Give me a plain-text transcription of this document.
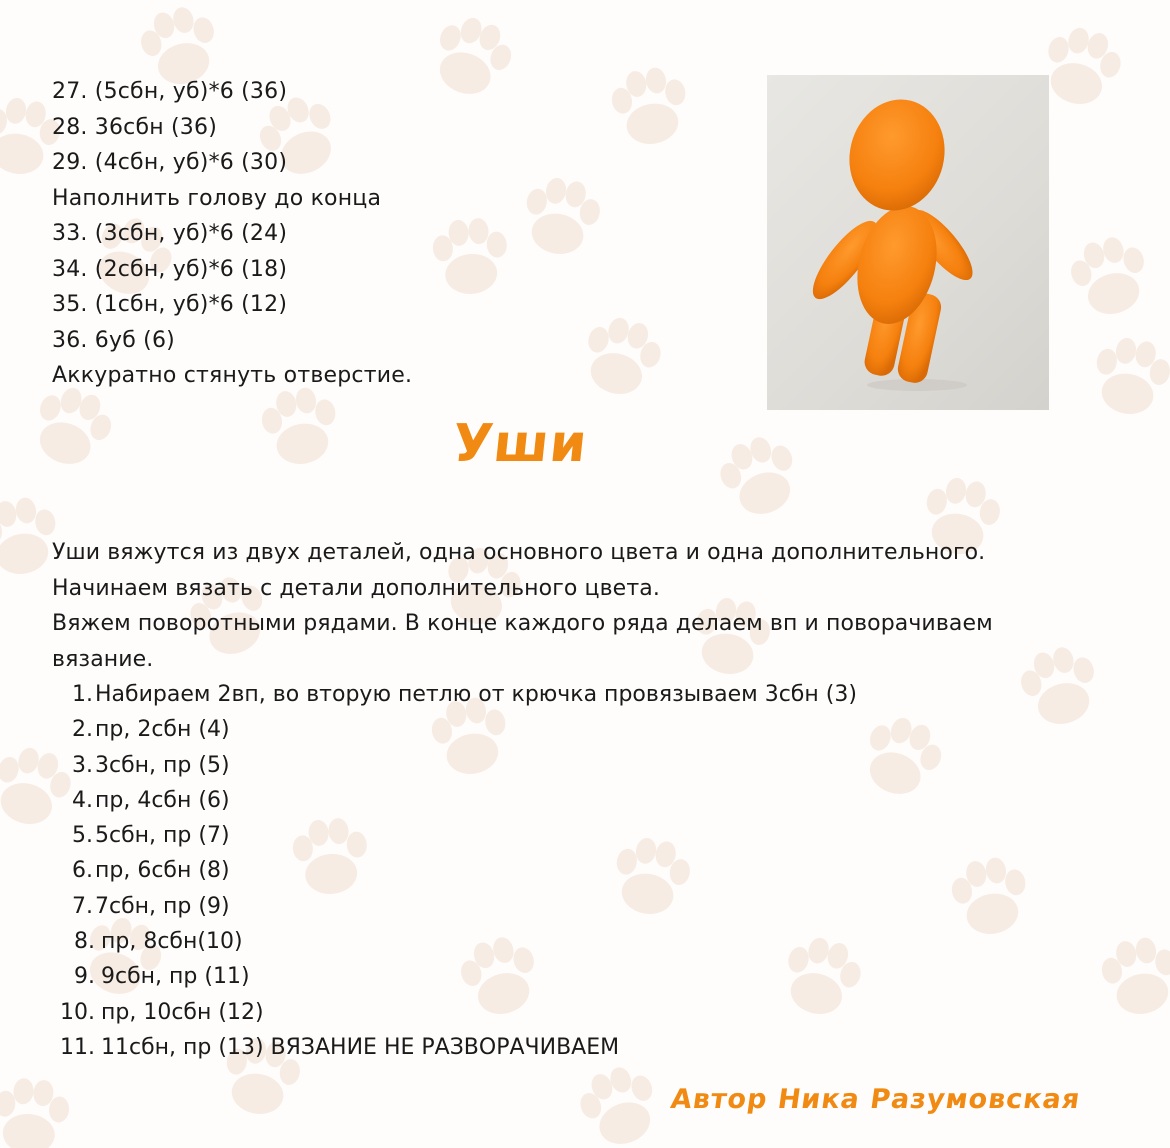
27. (5сбн, уб)*6 (36)
28. 36сбн (36)
29. (4сбн, уб)*6 (30)
Наполнить голову до конца
33. (3сбн, уб)*6 (24)
34. (2сбн, уб)*6 (18)
35. (1сбн, уб)*6 (12)
36. 6уб (6)
Аккуратно стянуть отверстие.
Уши
Уши вяжутся из двух деталей, одна основного цвета и одна дополнительного.
Начинаем вязать с детали дополнительного цвета.
Вяжем поворотными рядами. В конце каждого ряда делаем вп и поворачиваем
вязание.
1. Набираем 2вп, во вторую петлю от крючка провязываем 3сбн (3)
2. пр, 2сбн (4)
3. 3сбн, пр (5)
4. пр, 4сбн (6)
5. 5сбн, пр (7)
6. пр, 6сбн (8)
7. 7сбн, пр (9)
8. пр, 8сбн(10)
9. 9сбн, пр (11)
10. пр, 10сбн (12)
11. 11сбн, пр (13) ВЯЗАНИЕ НЕ РАЗВОРАЧИВАЕМ
Автор Ника Разумовская
